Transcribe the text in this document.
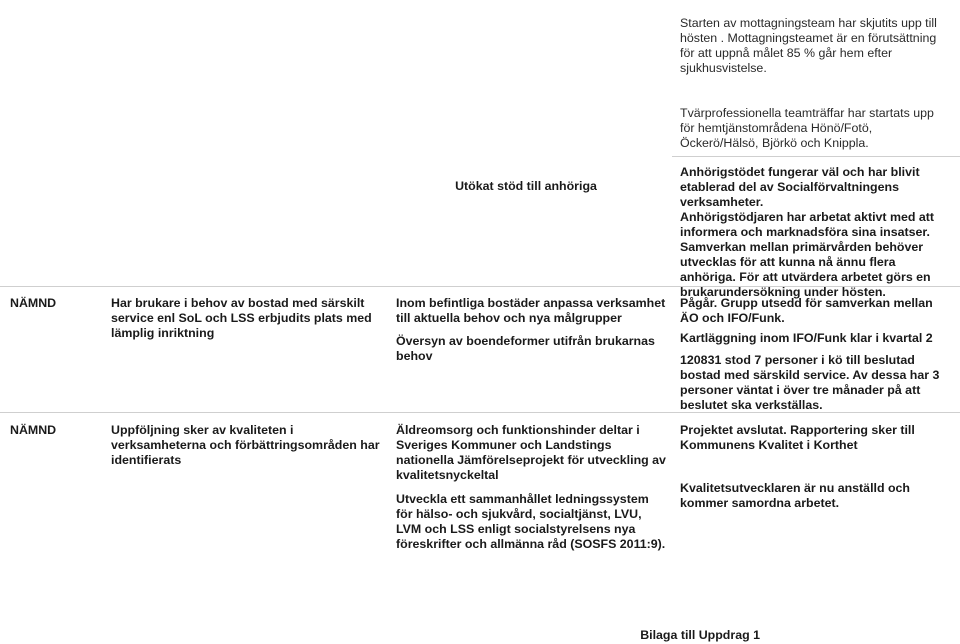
Starten av mottagningsteam har skjutits upp till hösten . Mottagningsteamet är en förutsättning för att uppnå målet 85 % går hem efter sjukhusvistelse.

Tvärprofessionella teamträffar har startats upp för hemtjänstområdena Hönö/Fotö, Öckerö/Hälsö, Björkö och Knippla.

Utökat stöd till anhöriga

Anhörigstödet fungerar väl och har blivit etablerad del av Socialförvaltningens verksamheter.

Anhörigstödjaren har arbetat aktivt med att informera och marknadsföra sina insatser.

Samverkan mellan primärvården behöver utvecklas för att kunna nå ännu flera anhöriga. För att utvärdera arbetet görs en brukarundersökning under hösten.

NÄMND	Har brukare i behov av bostad med särskilt service enl SoL och LSS erbjudits plats med lämplig inriktning

Inom befintliga bostäder anpassa verksamhet till aktuella behov och nya målgrupper

Översyn av boendeformer utifrån brukarnas behov

Pågår. Grupp utsedd för samverkan mellan ÄO och IFO/Funk.

Kartläggning inom IFO/Funk klar i kvartal 2

120831 stod 7 personer i kö till beslutad bostad med särskild service. Av dessa har 3 personer väntat i över tre månader på att beslutet ska verkställas.

NÄMND	Uppföljning sker av kvaliteten i verksamheterna och förbättringsområden har identifierats

Äldreomsorg och funktionshinder deltar i Sveriges Kommuner och Landstings nationella Jämförelseprojekt för utveckling av kvalitetsnyckeltal

Utveckla ett sammanhållet ledningssystem för hälso- och sjukvård, socialtjänst, LVU, LVM och LSS enligt socialstyrelsens nya föreskrifter och allmänna råd (SOSFS 2011:9).

Projektet avslutat. Rapportering sker till Kommunens Kvalitet i Korthet

Kvalitetsutvecklaren är nu anställd och kommer samordna arbetet.

Bilaga till Uppdrag 1
